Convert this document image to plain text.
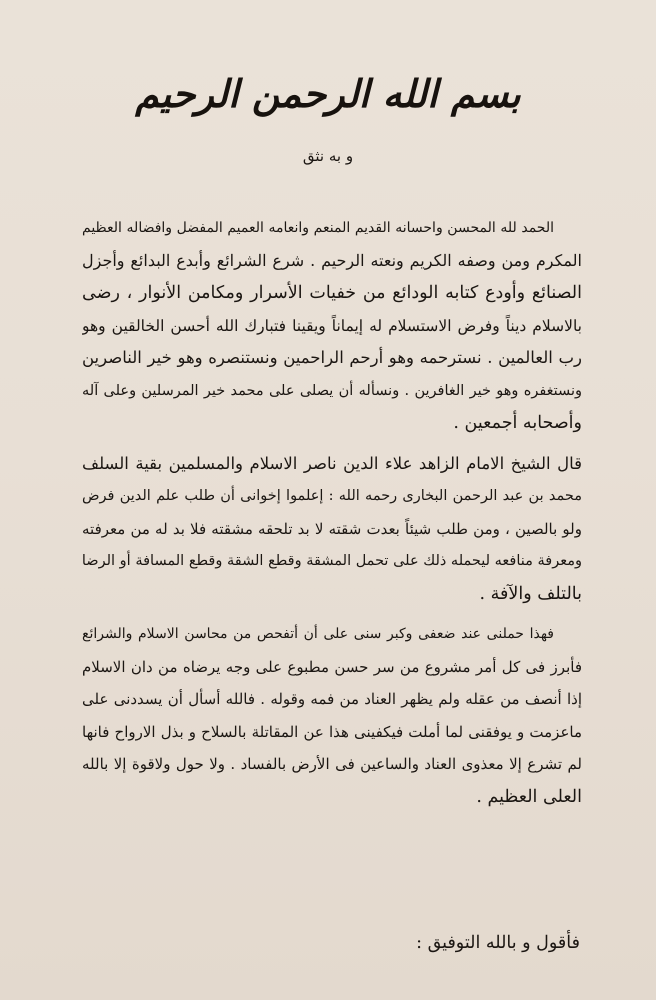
بسم الله الرحمن الرحيم
و به نثق
الحمد لله المحسن واحسانه القديم المنعم وانعامه العميم المفضل وافضاله العظيم
المكرم ومن وصفه الكريم ونعته الرحيم . شرع الشرائع وأبدع البدائع وأجزل
الصنائع وأودع كتابه الودائع من خفيات الأسرار ومكامن الأنوار ، رضى
بالاسلام ديناً وفرض الاستسلام له إيماناً ويقينا فتبارك الله أحسن الخالقين وهو
رب العالمين . نسترحمه وهو أرحم الراحمين ونستنصره وهو خير الناصرين
ونستغفره وهو خير الغافرين . ونسأله أن يصلى على محمد خير المرسلين وعلى آله
وأصحابه أجمعين .
قال الشيخ الامام الزاهد علاء الدين ناصر الاسلام والمسلمين بقية السلف
محمد بن عبد الرحمن البخارى رحمه الله : إعلموا إخوانى أن طلب علم الدين فرض
ولو بالصين ، ومن طلب شيئاً بعدت شقته لا بد تلحقه مشقته فلا بد له من معرفته
ومعرفة منافعه ليحمله ذلك على تحمل المشقة وقطع الشقة وقطع المسافة أو الرضا
بالتلف والآفة .
فهذا حملنى عند ضعفى وكبر سنى على أن أتفحص من محاسن الاسلام والشرائع
فأبرز فى كل أمر مشروع من سر حسن مطبوع على وجه يرضاه من دان الاسلام
إذا أنصف من عقله ولم يظهر العناد من فمه وقوله . فالله أسأل أن يسددنى على
ماعزمت و يوفقنى لما أملت فيكفينى هذا عن المقاتلة بالسلاح و بذل الارواح فانها
لم تشرع إلا معذوى العناد والساعين فى الأرض بالفساد . ولا حول ولاقوة إلا بالله
العلى العظيم .
فأقول و بالله التوفيق :
